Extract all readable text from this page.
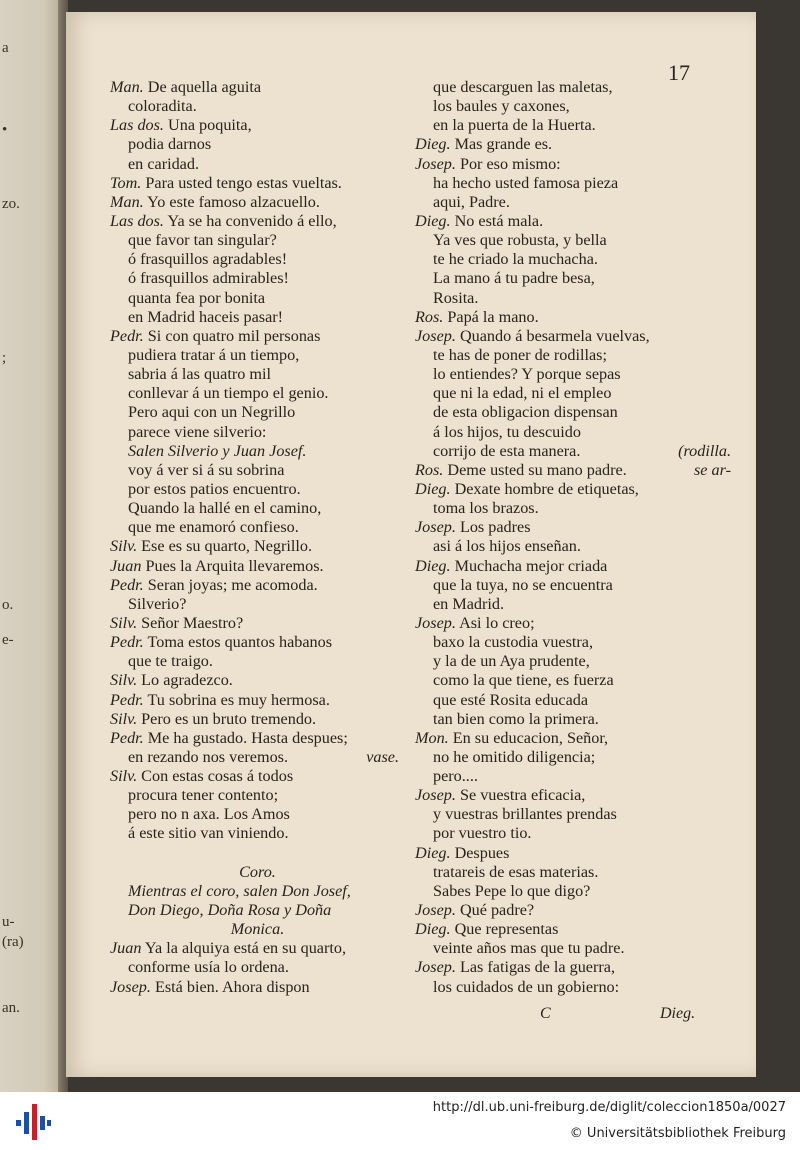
a
•
zo.
;
o.
e-
u-
(ra)
an.
17
Man. De aquella aguita
coloradita.
Las dos. Una poquita,
podia darnos
en caridad.
Tom. Para usted tengo estas vueltas.
Man. Yo este famoso alzacuello.
Las dos. Ya se ha convenido á ello,
que favor tan singular?
ó frasquillos agradables!
ó frasquillos admirables!
quanta fea por bonita
en Madrid haceis pasar!
Pedr. Si con quatro mil personas
pudiera tratar á un tiempo,
sabria á las quatro mil
conllevar á un tiempo el genio.
Pero aqui con un Negrillo
parece viene silverio:
Salen Silverio y Juan Josef.
voy á ver si á su sobrina
por estos patios encuentro.
Quando la hallé en el camino,
que me enamoró confieso.
Silv. Ese es su quarto, Negrillo.
Juan Pues la Arquita llevaremos.
Pedr. Seran joyas; me acomoda.
Silverio?
Silv. Señor Maestro?
Pedr. Toma estos quantos habanos
que te traigo.
Silv. Lo agradezco.
Pedr. Tu sobrina es muy hermosa.
Silv. Pero es un bruto tremendo.
Pedr. Me ha gustado. Hasta despues;
en rezando nos veremos.	vase.
Silv. Con estas cosas á todos
procura tener contento;
pero no n axa. Los Amos
á este sitio van viniendo.
Coro.
Mientras el coro, salen Don Josef,
Don Diego, Doña Rosa y Doña
Monica.
Juan Ya la alquiya está en su quarto,
conforme usía lo ordena.
Josep. Está bien. Ahora dispon
que descarguen las maletas,
los baules y caxones,
en la puerta de la Huerta.
Dieg. Mas grande es.
Josep. Por eso mismo:
ha hecho usted famosa pieza
aqui, Padre.
Dieg. No está mala.
Ya ves que robusta, y bella
te he criado la muchacha.
La mano á tu padre besa,
Rosita.
Ros. Papá la mano.
Josep. Quando á besarmela vuelvas,
te has de poner de rodillas;
lo entiendes? Y porque sepas
que ni la edad, ni el empleo
de esta obligacion dispensan
á los hijos, tu descuido
corrijo de esta manera.	(rodilla.
Ros. Deme usted su mano padre.	se ar-
Dieg. Dexate hombre de etiquetas,
toma los brazos.
Josep. Los padres
asi á los hijos enseñan.
Dieg. Muchacha mejor criada
que la tuya, no se encuentra
en Madrid.
Josep. Asi lo creo;
baxo la custodia vuestra,
y la de un Aya prudente,
como la que tiene, es fuerza
que esté Rosita educada
tan bien como la primera.
Mon. En su educacion, Señor,
no he omitido diligencia;
pero....
Josep. Se vuestra eficacia,
y vuestras brillantes prendas
por vuestro tio.
Dieg. Despues
tratareis de esas materias.
Sabes Pepe lo que digo?
Josep. Qué padre?
Dieg. Que representas
veinte años mas que tu padre.
Josep. Las fatigas de la guerra,
los cuidados de un gobierno:
C	Dieg.
http://dl.ub.uni-freiburg.de/diglit/coleccion1850a/0027
© Universitätsbibliothek Freiburg
